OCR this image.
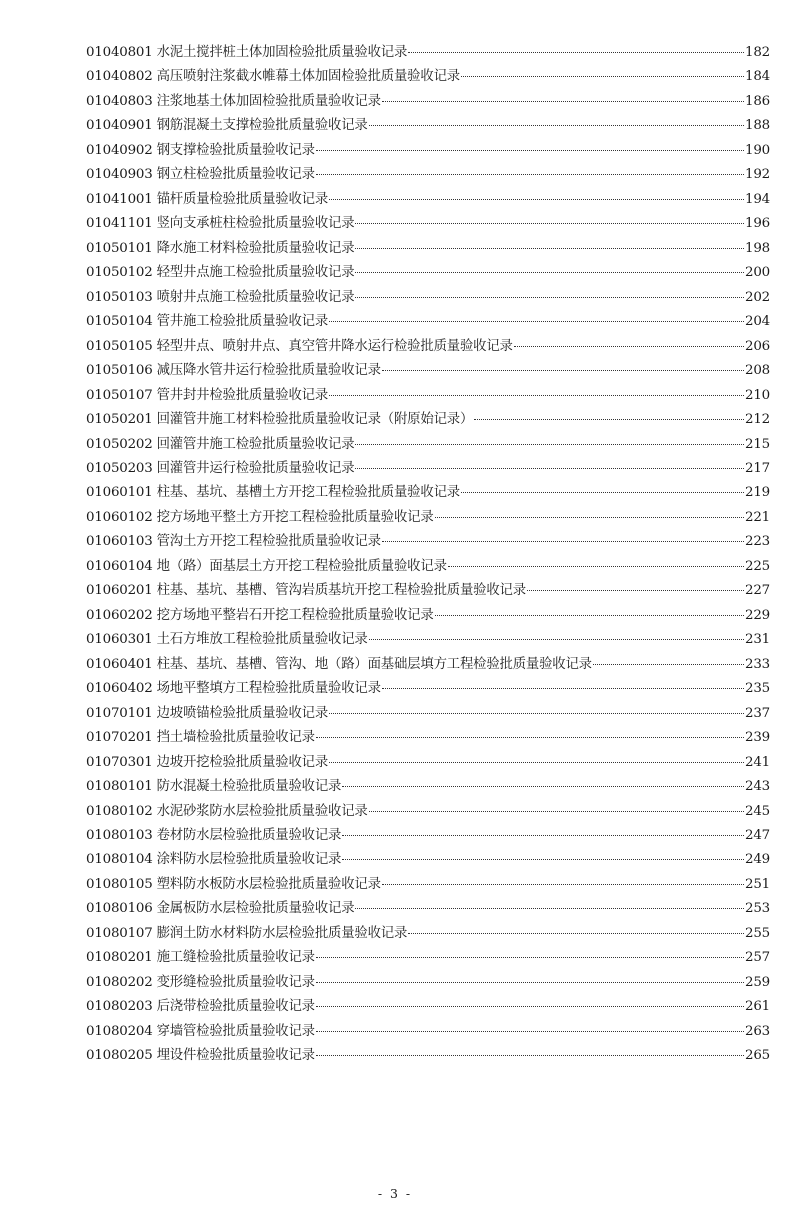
01040801 水泥土搅拌桩土体加固检验批质量验收记录	182
01040802 高压喷射注浆截水帷幕土体加固检验批质量验收记录	184
01040803 注浆地基土体加固检验批质量验收记录	186
01040901 钢筋混凝土支撑检验批质量验收记录	188
01040902 钢支撑检验批质量验收记录	190
01040903 钢立柱检验批质量验收记录	192
01041001 锚杆质量检验批质量验收记录	194
01041101 竖向支承桩柱检验批质量验收记录	196
01050101 降水施工材料检验批质量验收记录	198
01050102 轻型井点施工检验批质量验收记录	200
01050103 喷射井点施工检验批质量验收记录	202
01050104 管井施工检验批质量验收记录	204
01050105 轻型井点、喷射井点、真空管井降水运行检验批质量验收记录	206
01050106 减压降水管井运行检验批质量验收记录	208
01050107 管井封井检验批质量验收记录	210
01050201 回灌管井施工材料检验批质量验收记录（附原始记录）	212
01050202 回灌管井施工检验批质量验收记录	215
01050203 回灌管井运行检验批质量验收记录	217
01060101 柱基、基坑、基槽土方开挖工程检验批质量验收记录	219
01060102 挖方场地平整土方开挖工程检验批质量验收记录	221
01060103 管沟土方开挖工程检验批质量验收记录	223
01060104 地（路）面基层土方开挖工程检验批质量验收记录	225
01060201 柱基、基坑、基槽、管沟岩质基坑开挖工程检验批质量验收记录	227
01060202 挖方场地平整岩石开挖工程检验批质量验收记录	229
01060301 土石方堆放工程检验批质量验收记录	231
01060401 柱基、基坑、基槽、管沟、地（路）面基础层填方工程检验批质量验收记录	233
01060402 场地平整填方工程检验批质量验收记录	235
01070101 边坡喷锚检验批质量验收记录	237
01070201 挡土墙检验批质量验收记录	239
01070301 边坡开挖检验批质量验收记录	241
01080101 防水混凝土检验批质量验收记录	243
01080102 水泥砂浆防水层检验批质量验收记录	245
01080103 卷材防水层检验批质量验收记录	247
01080104 涂料防水层检验批质量验收记录	249
01080105 塑料防水板防水层检验批质量验收记录	251
01080106 金属板防水层检验批质量验收记录	253
01080107 膨润土防水材料防水层检验批质量验收记录	255
01080201 施工缝检验批质量验收记录	257
01080202 变形缝检验批质量验收记录	259
01080203 后浇带检验批质量验收记录	261
01080204 穿墙管检验批质量验收记录	263
01080205 埋设件检验批质量验收记录	265
- 3 -
